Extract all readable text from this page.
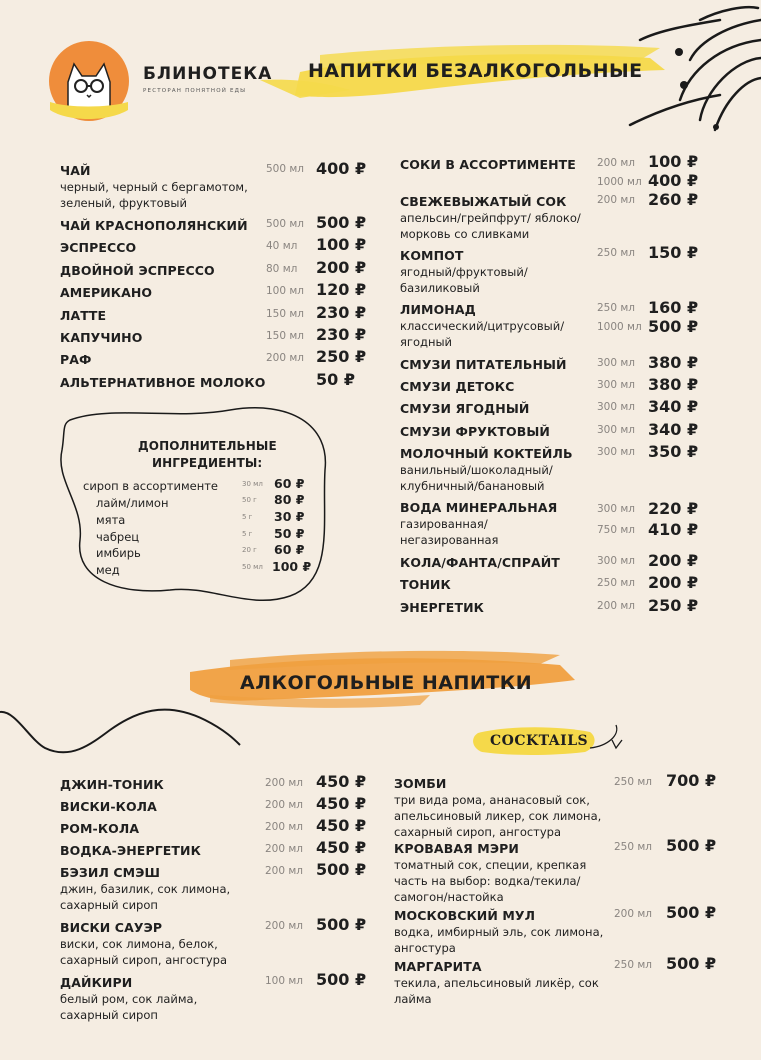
БЛИНОТЕКА
РЕСТОРАН ПОНЯТНОЙ ЕДЫ
НАПИТКИ БЕЗАЛКОГОЛЬНЫЕ
АЛКОГОЛЬНЫЕ НАПИТКИ
COCKTAILS
ЧАЙ
черный, черный с бергамотом, зеленый, фруктовый
500 мл 400 ₽
ЧАЙ КРАСНОПОЛЯНСКИЙ 500 мл 500 ₽
ЭСПРЕССО	40 мл 100 ₽
ДВОЙНОЙ ЭСПРЕССО	80 мл 200 ₽
АМЕРИКАНО	100 мл 120 ₽
ЛАТТЕ	150 мл 230 ₽
КАПУЧИНО	150 мл 230 ₽
РАФ	200 мл 250 ₽
АЛЬТЕРНАТИВНОЕ МОЛОКО	50 ₽
ДОПОЛНИТЕЛЬНЫЕ
ИНГРЕДИЕНТЫ:
сироп в ассортименте	30 мл 60 ₽
лайм/лимон	50 г 80 ₽
мята	5 г 30 ₽
чабрец	5 г 50 ₽
имбирь	20 г 60 ₽
мед	50 мл 100 ₽
СОКИ В АССОРТИМЕНТЕ 200 мл 100 ₽
1000 мл 400 ₽
СВЕЖЕВЫЖАТЫЙ СОК
апельсин/грейпфрут/ яблоко/морковь со сливками
200 мл 260 ₽
КОМПОТ
ягодный/фруктовый/ базиликовый
250 мл 150 ₽
ЛИМОНАД
классический/цитрусовый/ ягодный
250 мл 160 ₽
1000 мл 500 ₽
СМУЗИ ПИТАТЕЛЬНЫЙ	300 мл 380 ₽
СМУЗИ ДЕТОКС	300 мл 380 ₽
СМУЗИ ЯГОДНЫЙ	300 мл 340 ₽
СМУЗИ ФРУКТОВЫЙ	300 мл 340 ₽
МОЛОЧНЫЙ КОКТЕЙЛЬ
ванильный/шоколадный/ клубничный/банановый
300 мл 350 ₽
ВОДА МИНЕРАЛЬНАЯ
газированная/ негазированная
300 мл 220 ₽
750 мл 410 ₽
КОЛА/ФАНТА/СПРАЙТ	300 мл 200 ₽
ТОНИК	250 мл 200 ₽
ЭНЕРГЕТИК	200 мл 250 ₽
ДЖИН-ТОНИК	200 мл 450 ₽
ВИСКИ-КОЛА	200 мл 450 ₽
РОМ-КОЛА	200 мл 450 ₽
ВОДКА-ЭНЕРГЕТИК	200 мл 450 ₽
БЭЗИЛ СМЭШ
джин, базилик, сок лимона, сахарный сироп
200 мл 500 ₽
ВИСКИ САУЭР
виски, сок лимона, белок, сахарный сироп, ангостура
200 мл 500 ₽
ДАЙКИРИ
белый ром, сок лайма, сахарный сироп
100 мл 500 ₽
ЗОМБИ
три вида рома, ананасовый сок, апельсиновый ликер, сок лимона, сахарный сироп, ангостура
250 мл 700 ₽
КРОВАВАЯ МЭРИ
томатный сок, специи, крепкая часть на выбор: водка/текила/самогон/настойка
250 мл 500 ₽
МОСКОВСКИЙ МУЛ
водка, имбирный эль, сок лимона, ангостура
200 мл 500 ₽
МАРГАРИТА
текила, апельсиновый ликёр, сок лайма
250 мл 500 ₽
